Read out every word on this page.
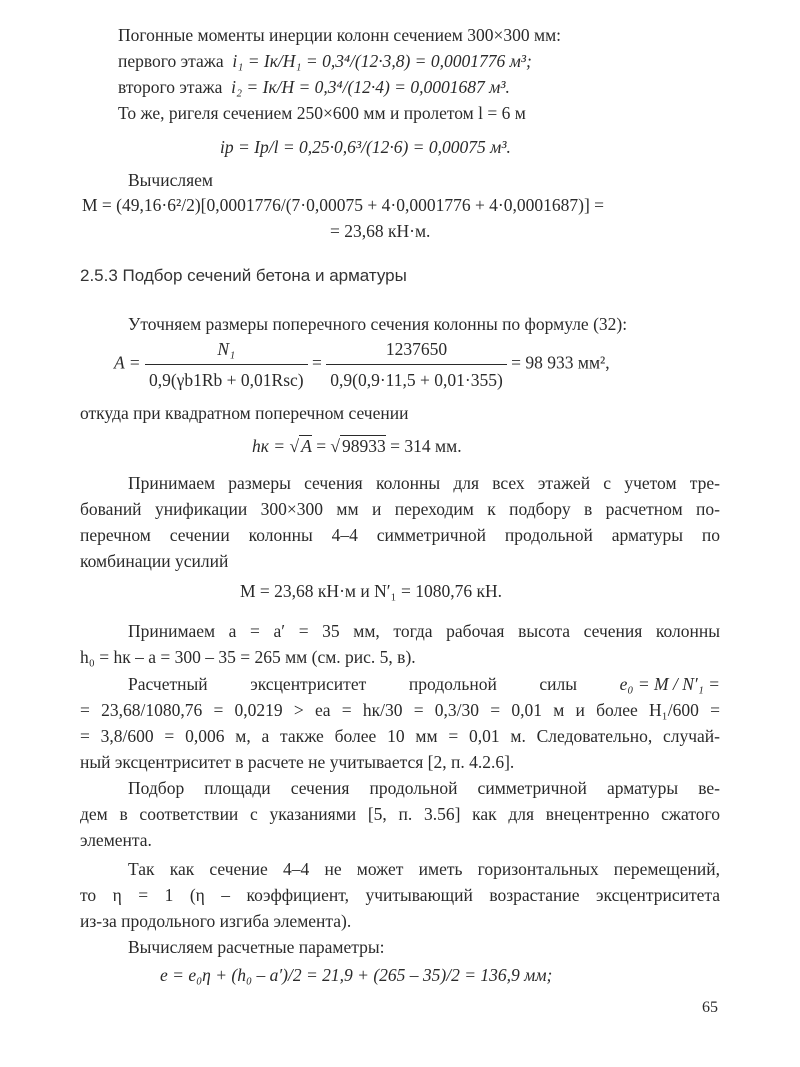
Погонные моменты инерции колонн сечением 300×300 мм:
первого этажа i₁ = Iк/H₁ = 0,3⁴/(12·3,8) = 0,0001776 м³;
второго этажа i₂ = Iк/H = 0,3⁴/(12·4) = 0,0001687 м³.
То же, ригеля сечением 250×600 мм и пролетом l = 6 м
iр = Iр/l = 0,25·0,6³/(12·6) = 0,00075 м³.
Вычисляем
M = (49,16·6²/2)[0,0001776/(7·0,00075 + 4·0,0001776 + 4·0,0001687)] =
= 23,68 кН·м.
2.5.3 Подбор сечений бетона и арматуры
Уточняем размеры поперечного сечения колонны по формуле (32):
$A = \frac{\text{N₁}}{\text{0,9(γb1Rb + 0,01Rsc)}} = \frac{1237650}{0,9(0,9\cdot 11,5 + 0,01\cdot 355)} = 98$ 933 мм²,
откуда при квадратном поперечном сечении
hк = √ A = √ 98933 = 314 мм.
Принимаем размеры сечения колонны для всех этажей с учетом тре-
бований унификации 300×300 мм и переходим к подбору в расчетном по-
перечном сечении колонны 4–4 симметричной продольной арматуры по
комбинации усилий
M = 23,68 кН·м и N′₁ = 1080,76 кН.
Принимаем a = a′ = 35 мм, тогда рабочая высота сечения колонны
h₀ = hк – a = 300 – 35 = 265 мм (см. рис. 5, в).
Расчетный эксцентриситет продольной силы e₀ = M / N′₁ =
= 23,68/1080,76 = 0,0219 > eа = hк/30 = 0,3/30 = 0,01 м и более H₁/600 =
= 3,8/600 = 0,006 м, а также более 10 мм = 0,01 м. Следовательно, случай-
ный эксцентриситет в расчете не учитывается [2, п. 4.2.6].
Подбор площади сечения продольной симметричной арматуры ве-
дем в соответствии с указаниями [5, п. 3.56] как для внецентренно сжатого
элемента.
Так как сечение 4–4 не может иметь горизонтальных перемещений,
то η = 1 (η – коэффициент, учитывающий возрастание эксцентриситета
из-за продольного изгиба элемента).
Вычисляем расчетные параметры:
e = e₀η + (h₀ – a′)/2 = 21,9 + (265 – 35)/2 = 136,9 мм;
65
